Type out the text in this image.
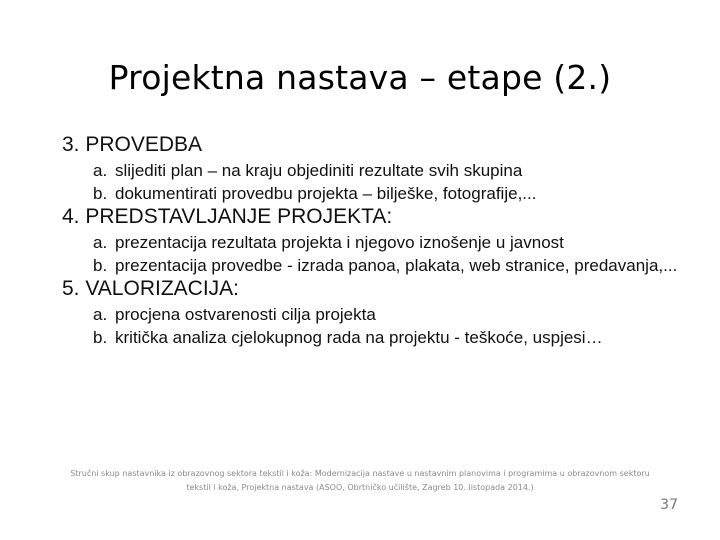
Projektna nastava – etape (2.)

3. PROVEDBA

a. slijediti plan – na kraju objediniti rezultate svih skupina
b. dokumentirati provedbu projekta – bilješke, fotografije,...

4. PREDSTAVLJANJE PROJEKTA:

a. prezentacija rezultata projekta i njegovo iznošenje u javnost
b. prezentacija provedbe - izrada panoa, plakata, web stranice, predavanja,...

5. VALORIZACIJA:

a. procjena ostvarenosti cilja projekta
b. kritička analiza cjelokupnog rada na projektu - teškoće, uspjesi…
Stručni skup nastavnika iz obrazovnog sektora tekstil i koža: Modernizacija nastave u nastavnim planovima i programima u obrazovnom sektoru tekstil i koža, Projektna nastava (ASOO, Obrtničko učilište, Zagreb 10. listopada 2014.)
37
